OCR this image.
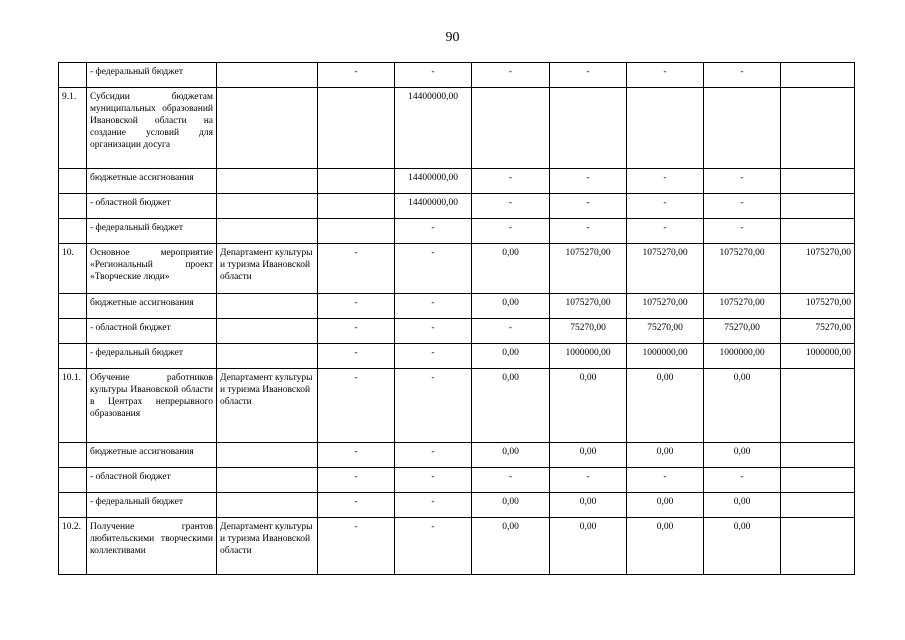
90
	- федеральный бюджет		-	-	-	-	-	-	
9.1.	Субсидии бюджетам муниципальных образований Ивановской области на создание условий для организации досуга			14400000,00					
	бюджетные ассигнования			14400000,00	-	-	-	-	
	- областной бюджет			14400000,00	-	-	-	-	
	- федеральный бюджет			-	-	-	-	-	
10.	Основное мероприятие «Региональный проект «Творческие люди»	Департамент культуры и туризма Ивановской области	-	-	0,00	1075270,00	1075270,00	1075270,00	1075270,00
	бюджетные ассигнования		-	-	0,00	1075270,00	1075270,00	1075270,00	1075270,00
	- областной бюджет		-	-	-	75270,00	75270,00	75270,00	75270,00
	- федеральный бюджет		-	-	0,00	1000000,00	1000000,00	1000000,00	1000000,00
10.1.	Обучение работников культуры Ивановской области в Центрах непрерывного образования	Департамент культуры и туризма Ивановской области	-	-	0,00	0,00	0,00	0,00	
	бюджетные ассигнования		-	-	0,00	0,00	0,00	0,00	
	- областной бюджет		-	-	-	-	-	-	
	- федеральный бюджет		-	-	0,00	0,00	0,00	0,00	
10.2.	Получение грантов любительскими творческими коллективами	Департамент культуры и туризма Ивановской области	-	-	0,00	0,00	0,00	0,00	
